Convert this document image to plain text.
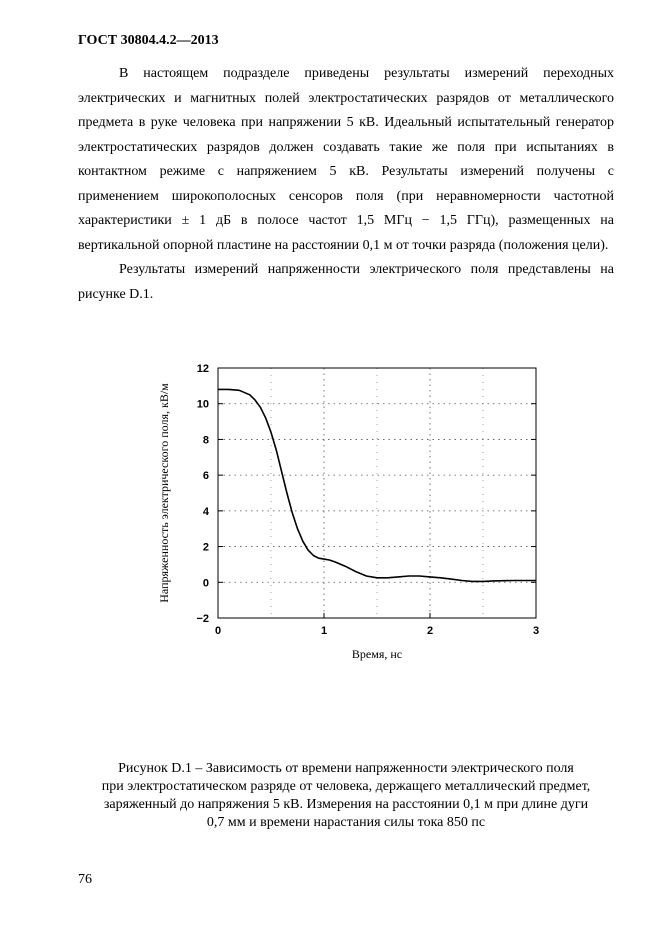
ГОСТ 30804.4.2—2013

В настоящем подразделе приведены результаты измерений переходных электрических и магнитных полей электростатических разрядов от металлического предмета в руке человека при напряжении 5 кВ. Идеальный испытательный генератор электростатических разрядов должен создавать такие же поля при испытаниях в контактном режиме с напряжением 5 кВ. Результаты измерений получены с применением широкополосных сенсоров поля (при неравномерности частотной характеристики ± 1 дБ в полосе частот 1,5 МГц − 1,5 ГГц), размещенных на вертикальной опорной пластине на расстоянии 0,1 м от точки разряда (положения цели).

Результаты измерений напряженности электрического поля представлены на рисунке D.1.

0	1	2	3
12
10
8
6
4
2
0
−2
Время, нс
Напряженность электрического поля, кВ/м
Рисунок D.1 – Зависимость от времени напряженности электрического поля
при электростатическом разряде от человека, держащего металлический предмет,
заряженный до напряжения 5 кВ. Измерения на расстоянии 0,1 м при длине дуги
0,7 мм и времени нарастания силы тока 850 пс
76
